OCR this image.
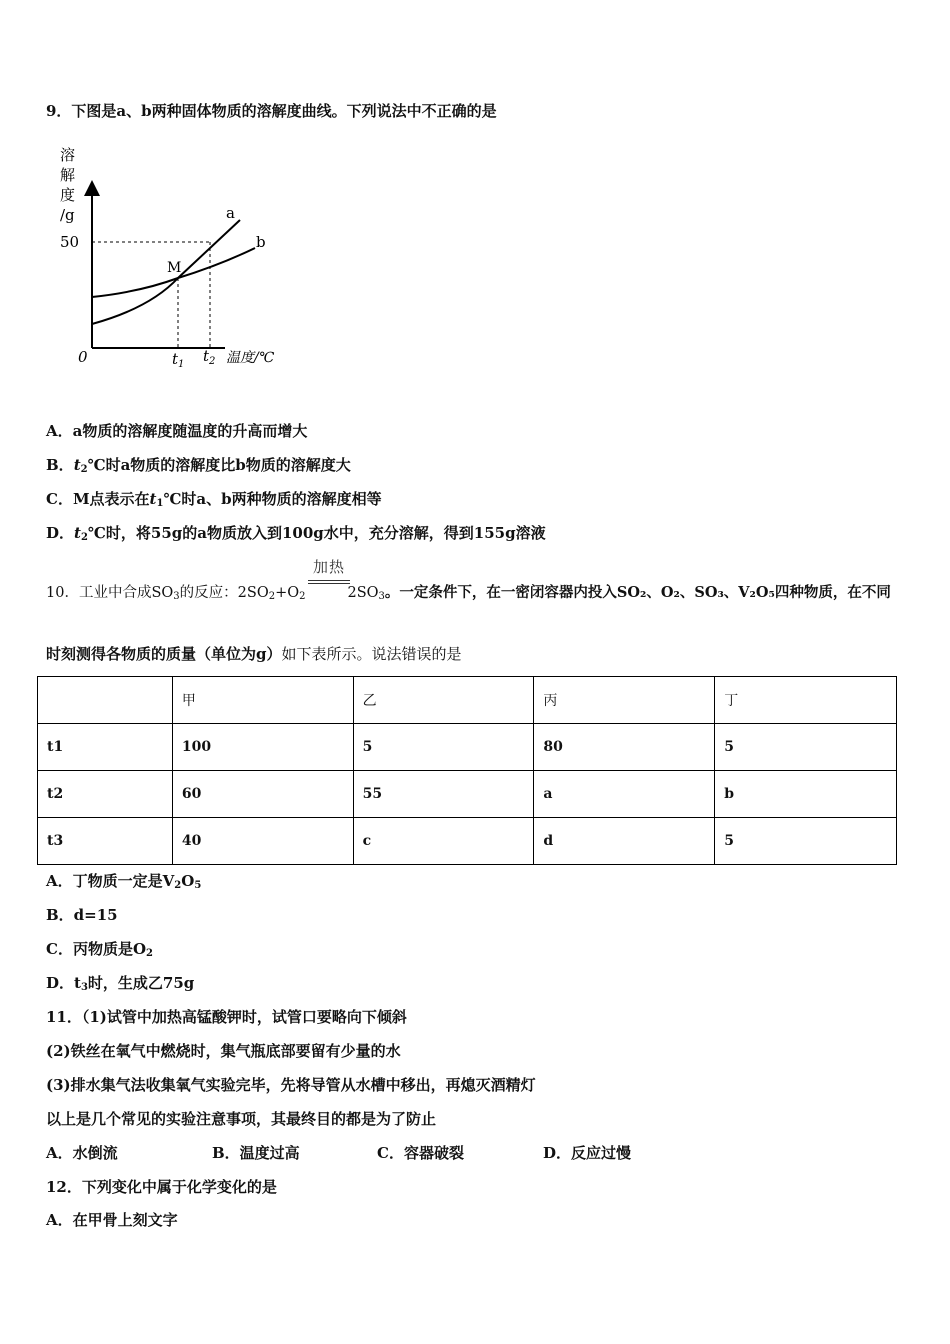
9．下图是a、b两种固体物质的溶解度曲线。下列说法中不正确的是
溶
解
度
/g
50
0
a
b
M
$t_1$ $t_2$ 温度/℃
A．a物质的溶解度随温度的升高而增大
B．$t_2℃$时a物质的溶解度比b物质的溶解度大
C．M点表示在$t_1℃$时a、b两种物质的溶解度相等
D．$t_2℃$时，将55g的a物质放入到100g水中，充分溶解，得到155g溶液
加热
10．工业中合成$SO_3$的反应：$2SO_2+O_2$	$2SO_3$。一定条件下，在一密闭容器内投入SO₂、O₂、SO₃、V₂O₅四种物质，在不同
时刻测得各物质的质量（单位为g）如下表所示。说法错误的是
	甲	乙	丙	丁
t1	100	5	80	5
t2	60	55	a	b
t3	40	c	d	5
A．丁物质一定是$V_2O_5$
B．d=15
C．丙物质是$O_2$
D．$t_3$时，生成乙75g
11．（1)试管中加热高锰酸钾时，试管口要略向下倾斜
(2)铁丝在氧气中燃烧时，集气瓶底部要留有少量的水
(3)排水集气法收集氧气实验完毕，先将导管从水槽中移出，再熄灭酒精灯
以上是几个常见的实验注意事项，其最终目的都是为了防止
A．水倒流	B．温度过高	C．容器破裂	D．反应过慢
12．下列变化中属于化学变化的是
A．在甲骨上刻文字
